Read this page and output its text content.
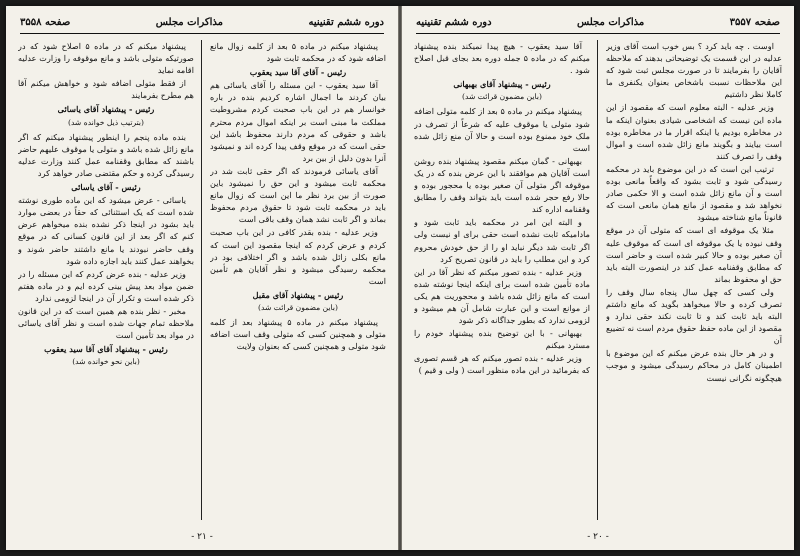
دوره ششم تقنینیه
مذاکرات مجلس
صفحه ۳۵۵۸

پیشنهاد میکنم در ماده ۵ بعد از کلمه زوال مانع اضافه شود که در محکمه ثابت شود

رئیس - آقای آقا سید یعقوب

آقا سید یعقوب - ابن مسئله را آقای یاسائی هم بیان کردند ما اجمال اشاره کردیم بنده در باره خوانسار هم در این باب صحبت کردم مشروطیت مملکت ما مبنی است بر اینکه اموال مردم محترم باشد و حقوقی که مردم دارند محفوظ باشد این حقی است که در موقع وقف پیدا کرده اند و نمیشود آنرا بدون دلیل از بین برد

آقای یاسائی فرمودند که اگر حقی ثابت شد در محکمه ثابت میشود و این حق را نمیشود باین صورت از بین برد نظر ما این است که زوال مانع باید در محکمه ثابت شود تا حقوق مردم محفوظ بماند و اگر ثابت نشد همان وقف باقی است

وزیر عدلیه - بنده بقدر کافی در این باب صحبت کردم و عرض کردم که اینجا مقصود این است که مانع بکلی زائل شده باشد و اگر اختلافی بود در محکمه رسیدگی میشود و نظر آقایان هم تأمین است

رئیس - پیشنهاد آقای مقبل

(باین مضمون قرائت شد)

پیشنهاد میکنم در ماده ۵ پیشنهاد بعد از کلمه متولی و همچنین کسی که متولی وقف است اضافه شود متولی و همچنین کسی که بعنوان ولایت

پیشنهاد میکنم که در ماده ۵ اصلاح شود که در صورتیکه متولی باشد و مانع موقوفه را وزارت عدلیه اقامه نماید

از فقط متولی اضافه شود و خواهش میکنم آقا هم مطرح بفرمایند

رئیس - پیشنهاد آقای یاسائی

(بترتیب ذیل خوانده شد)

بنده ماده پنجم را اینطور پیشنهاد میکنم که اگر مانع زائل شده باشد و متولی یا موقوف علیهم حاضر باشند که مطابق وقفنامه عمل کنند وزارت عدلیه رسیدگی کرده و حکم مقتضی صادر خواهد کرد

رئیس - آقای یاسائی

یاسائی - عرض میشود که این ماده طوری نوشته شده است که یک استثنائی که حقاً در بعضی موارد باید بشود در اینجا ذکر نشده بنده میخواهم عرض کنم که اگر بعد از این قانون کسانی که در موقع وقف حاضر نبودند یا مانع داشتند حاضر شوند و بخواهند عمل کنند باید اجازه داده شود

وزیر عدلیه - بنده عرض کردم که این مسئله را در ضمن مواد بعد پیش بینی کرده ایم و در ماده هفتم ذکر شده است و تکرار آن در اینجا لزومی ندارد

مخبر - نظر بنده هم همین است که در این قانون ملاحظه تمام جهات شده است و نظر آقای یاسائی در مواد بعد تأمین است

رئیس - پیشنهاد آقای آقا سید یعقوب

(باین نحو خوانده شد)

- ۲۱ -
صفحه ۳۵۵۷
مذاکرات مجلس
دوره ششم تقنینیه

اوست . چه باید کرد ؟ بس خوب است آقای وزیر عدلیه در این قسمت یک توضیحاتی بدهند که ملاحظه آقایان را بفرمایند تا در صورت مجلس ثبت شود که این ملاحظات نسبت باشخاص بعنوان یکنفری ما کاملا نظر داشتیم

وزیر عدلیه - البته معلوم است که مقصود از این ماده این نیست که اشخاصی شیادی بعنوان اینکه ما در مخاطره بودیم یا اینکه اقرار ما در مخاطره بوده است بیایند و بگویند مانع زائل شده است و اموال وقف را تصرف کنند

ترتیب این است که در این موضوع باید در محکمه رسیدگی شود و ثابت بشود که واقعاً مانعی بوده است و آن مانع زائل شده است و الا حکمی صادر نخواهد شد و مقصود از مانع همان مانعی است که قانوناً مانع شناخته میشود

مثلا یک موقوفه ای است که متولی آن در موقع وقف نبوده یا یک موقوفه ای است که موقوف علیه آن صغیر بوده و حالا کبیر شده است و حاضر است که مطابق وقفنامه عمل کند در اینصورت البته باید حق او محفوظ بماند

ولی کسی که چهل سال پنجاه سال وقف را تصرف کرده و حالا میخواهد بگوید که مانع داشتم البته باید ثابت کند و تا ثابت نکند حقی ندارد و مقصود از این ماده حفظ حقوق مردم است نه تضییع آن

و در هر حال بنده عرض میکنم که این موضوع با اطمینان کامل در محاکم رسیدگی میشود و موجب هیچگونه نگرانی نیست

آقا سید یعقوب - هیچ پیدا نمیکند بنده پیشنهاد میکنم که در ماده ۵ جمله دوره بعد بجای قبل اصلاح شود .

رئیس - پیشنهاد آقای بهبهانی

(باین مضمون قرائت شد)

پیشنهاد میکنم در ماده ۵ بعد از کلمه متولی اضافه شود متولی یا موقوف علیه که شرعاً از تصرف در ملک خود ممنوع بوده است و حالا آن منع زائل شده است

بهبهانی - گمان میکنم مقصود پیشنهاد بنده روشن است آقایان هم موافقند با این عرض بنده که در یک موقوفه اگر متولی آن صغیر بوده یا محجور بوده و حالا رفع حجر شده است باید بتواند وقف را مطابق وقفنامه اداره کند

و البته این امر در محکمه باید ثابت شود و مادامیکه ثابت نشده است حقی برای او نیست ولی اگر ثابت شد دیگر نباید او را از حق خودش محروم کرد و این مطلب را باید در قانون تصریح کرد

وزیر عدلیه - بنده تصور میکنم که نظر آقا در این ماده تأمین شده است برای اینکه اینجا نوشته شده است که مانع زائل شده باشد و محجوریت هم یکی از موانع است و این عبارت شامل آن هم میشود و لزومی ندارد که بطور جداگانه ذکر شود

بهبهانی - با این توضیح بنده پیشنهاد خودم را مسترد میکنم

وزیر عدلیه - بنده تصور میکنم که هر قسم تصوری که بفرمائید در این ماده منظور است ( ولی و قیم )

- ۲۰ -
